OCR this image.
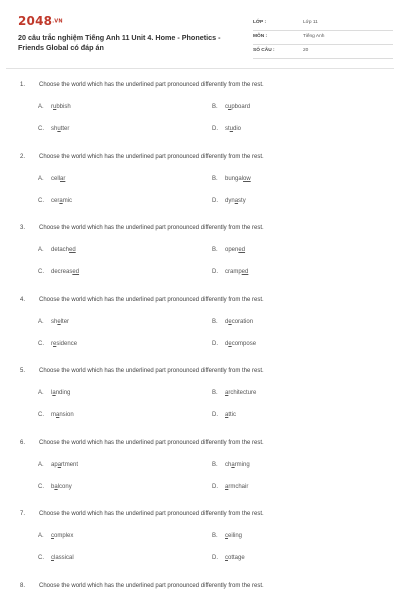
2048.VN
20 câu trắc nghiệm Tiếng Anh 11 Unit 4. Home - Phonetics - Friends Global có đáp án
LỚP :	Lớp 11
MÔN :	Tiếng Anh
SỐ CÂU :	20
1. Choose the world which has the underlined part pronounced differently from the rest.
A. rubbish	B. cupboard
C. shutter	D. studio
2. Choose the world which has the underlined part pronounced differently from the rest.
A. cellar	B. bungalow
C. ceramic	D. dynasty
3. Choose the world which has the underlined part pronounced differently from the rest.
A. detached	B. opened
C. decreased	D. cramped
4. Choose the world which has the underlined part pronounced differently from the rest.
A. shelter	B. decoration
C. residence	D. decompose
5. Choose the world which has the underlined part pronounced differently from the rest.
A. landing	B. architecture
C. mansion	D. attic
6. Choose the world which has the underlined part pronounced differently from the rest.
A. apartment	B. charming
C. balcony	D. armchair
7. Choose the world which has the underlined part pronounced differently from the rest.
A. complex	B. ceiling
C. classical	D. cottage
8. Choose the world which has the underlined part pronounced differently from the rest.
